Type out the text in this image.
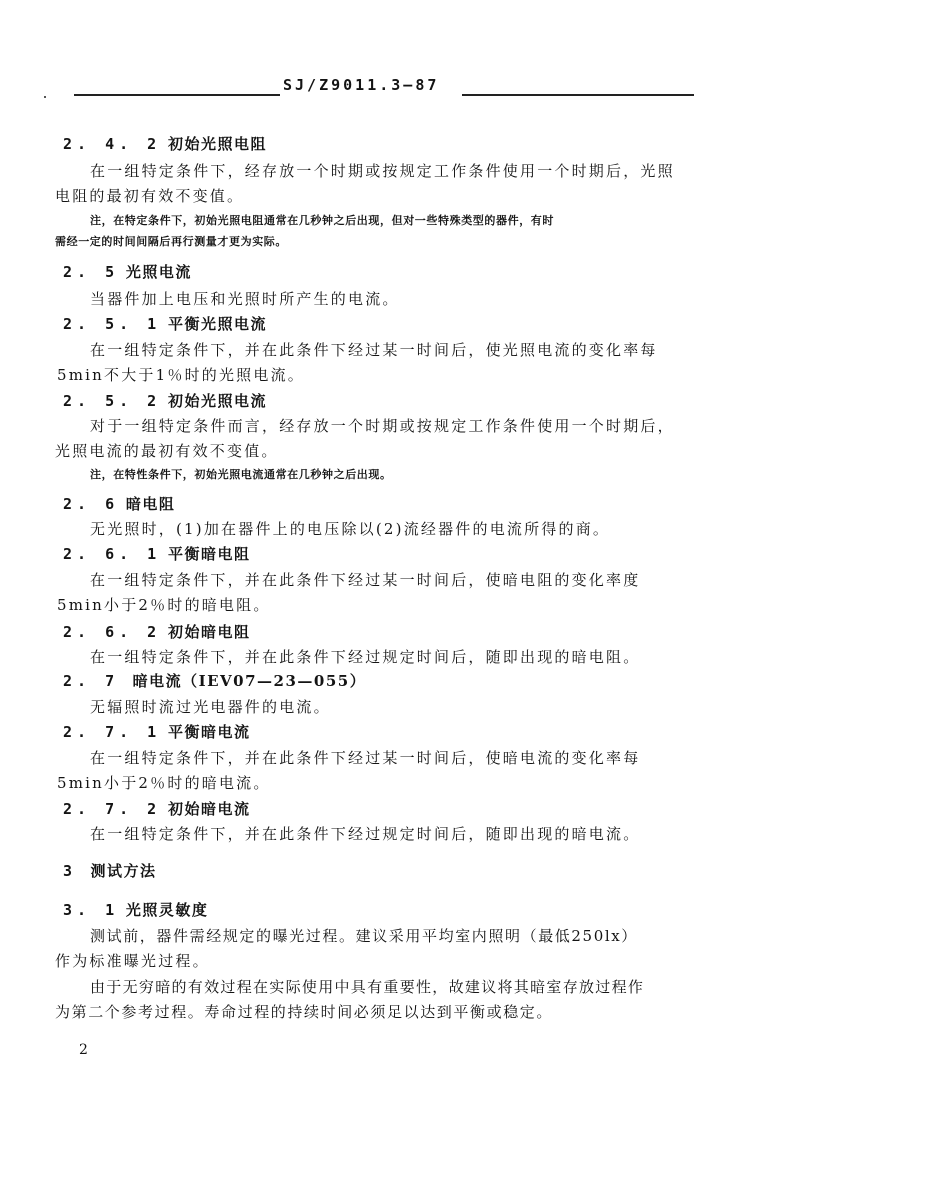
SJ/Z9011.3—87
2. 4. 2 初始光照电阻
在一组特定条件下，经存放一个时期或按规定工作条件使用一个时期后，光照
电阻的最初有效不变值。
注，在特定条件下，初始光照电阻通常在几秒钟之后出现，但对一些特殊类型的器件，有时
需经一定的时间间隔后再行测量才更为实际。
2. 5 光照电流
当器件加上电压和光照时所产生的电流。
2. 5. 1 平衡光照电流
在一组特定条件下，并在此条件下经过某一时间后，使光照电流的变化率每
5min不大于1％时的光照电流。
2. 5. 2 初始光照电流
对于一组特定条件而言，经存放一个时期或按规定工作条件使用一个时期后，
光照电流的最初有效不变值。
注，在特性条件下，初始光照电流通常在几秒钟之后出现。
2. 6 暗电阻
无光照时，(1)加在器件上的电压除以(2)流经器件的电流所得的商。
2. 6. 1 平衡暗电阻
在一组特定条件下，并在此条件下经过某一时间后，使暗电阻的变化率度
5min小于2％时的暗电阻。
2. 6. 2 初始暗电阻
在一组特定条件下，并在此条件下经过规定时间后，随即出现的暗电阻。
2. 7 暗电流（IEV07—23—055）
无辐照时流过光电器件的电流。
2. 7. 1 平衡暗电流
在一组特定条件下，并在此条件下经过某一时间后，使暗电流的变化率每
5min小于2％时的暗电流。
2. 7. 2 初始暗电流
在一组特定条件下，并在此条件下经过规定时间后，随即出现的暗电流。
3 测试方法
3. 1 光照灵敏度
测试前，器件需经规定的曝光过程。建议采用平均室内照明（最低250lx）
作为标准曝光过程。
由于无穷暗的有效过程在实际使用中具有重要性，故建议将其暗室存放过程作
为第二个参考过程。寿命过程的持续时间必须足以达到平衡或稳定。
2
